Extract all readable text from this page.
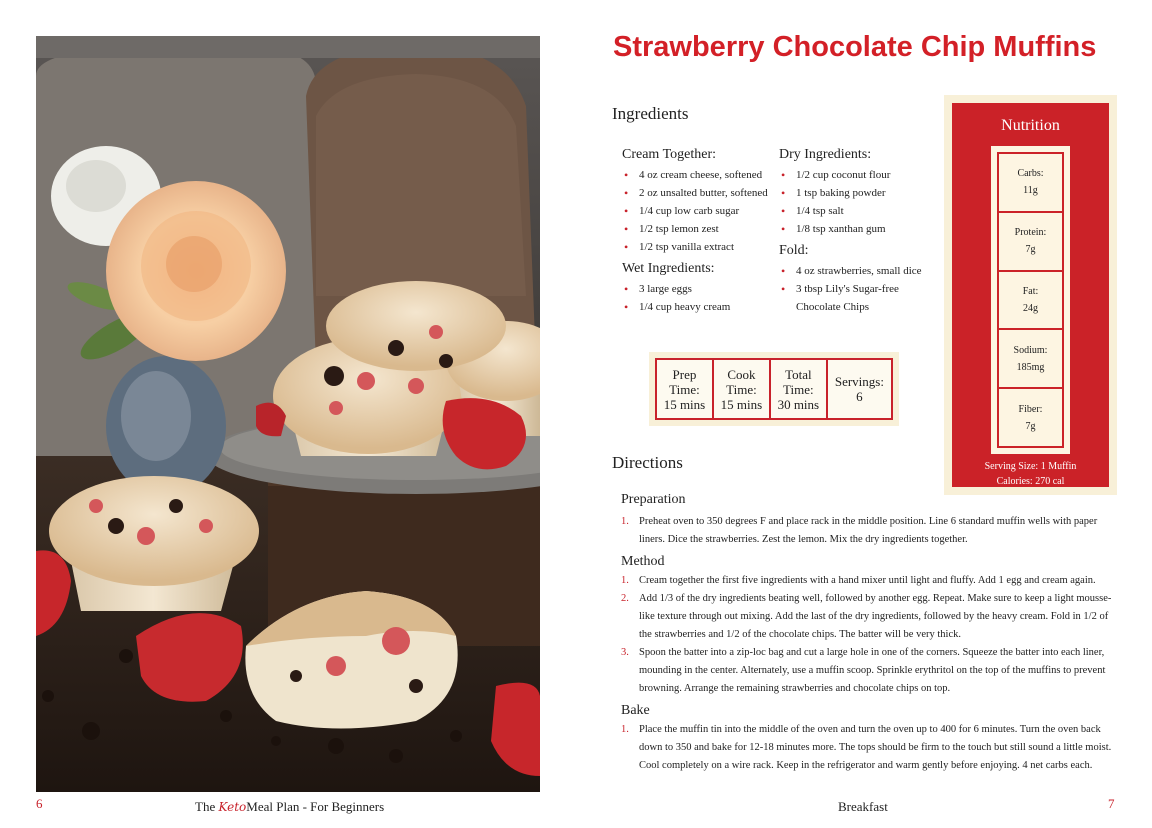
6	The KetoMeal Plan - For Beginners
Strawberry Chocolate Chip Muffins
Ingredients
Cream Together:
• 4 oz cream cheese, softened
• 2 oz unsalted butter, softened
• 1/4 cup low carb sugar
• 1/2 tsp lemon zest
• 1/2 tsp vanilla extract
Wet Ingredients:
• 3 large eggs
• 1/4 cup heavy cream
Dry Ingredients:
• 1/2 cup coconut flour
• 1 tsp baking powder
• 1/4 tsp salt
• 1/8 tsp xanthan gum
Fold:
• 4 oz strawberries, small dice
• 3 tbsp Lily's Sugar-free Chocolate Chips
Prep
Time:
15 mins
Cook
Time:
15 mins
Total
Time:
30 mins
Servings:
6
Nutrition
Carbs:
11g
Protein:
7g
Fat:
24g
Sodium:
185mg
Fiber:
7g
Serving Size: 1 Muffin
Calories: 270 cal
Directions
Preparation
1. Preheat oven to 350 degrees F and place rack in the middle position. Line 6 standard muffin wells with paper liners. Dice the strawberries. Zest the lemon. Mix the dry ingredients together.
Method
1. Cream together the first five ingredients with a hand mixer until light and fluffy. Add 1 egg and cream again.
2. Add 1/3 of the dry ingredients beating well, followed by another egg. Repeat. Make sure to keep a light mousse-like texture through out mixing. Add the last of the dry ingredients, followed by the heavy cream. Fold in 1/2 of the strawberries and 1/2 of the chocolate chips. The batter will be very thick.
3. Spoon the batter into a zip-loc bag and cut a large hole in one of the corners. Squeeze the batter into each liner, mounding in the center. Alternately, use a muffin scoop. Sprinkle erythritol on the top of the muffins to prevent browning. Arrange the remaining strawberries and chocolate chips on top.
Bake
1. Place the muffin tin into the middle of the oven and turn the oven up to 400 for 6 minutes. Turn the oven back down to 350 and bake for 12-18 minutes more. The tops should be firm to the touch but still sound a little moist. Cool completely on a wire rack. Keep in the refrigerator and warm gently before enjoying. 4 net carbs each.
Breakfast	7
